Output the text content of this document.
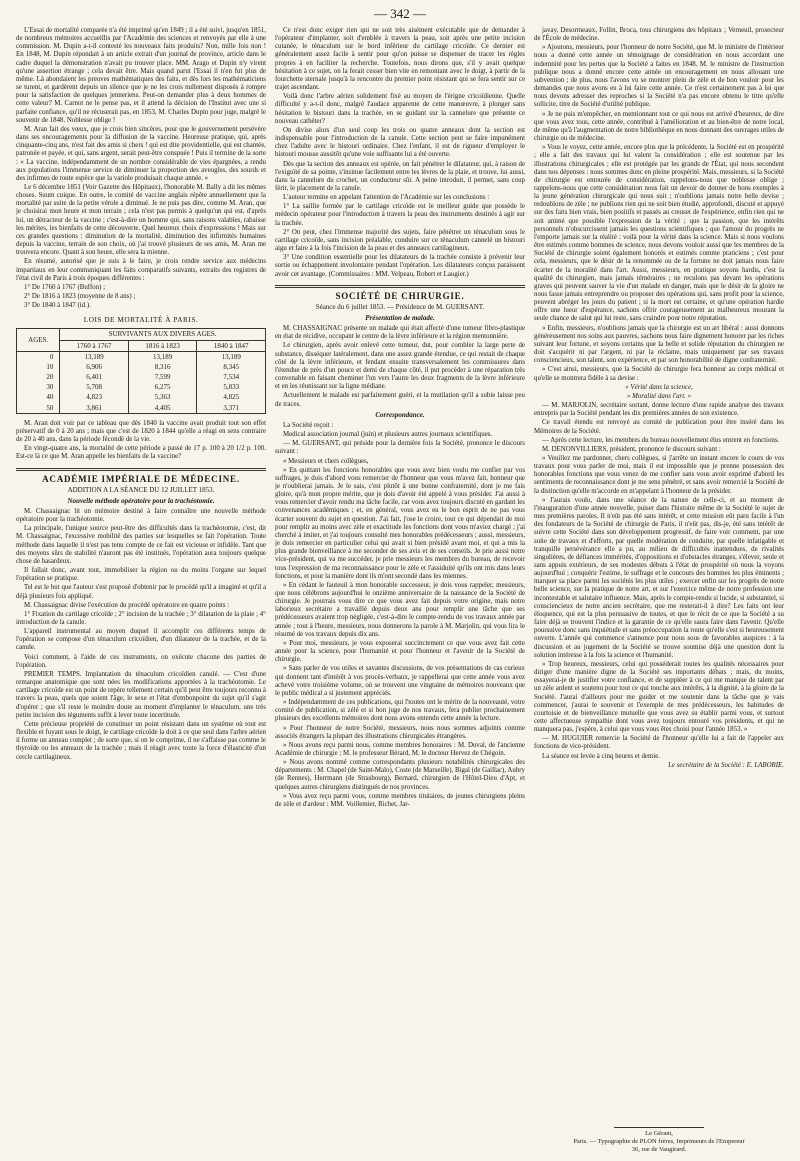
— 342 —

L'Essai de mortalité comparée n'a été imprimé qu'en 1849 ; il a été suivi, jusqu'en 1851, de nombreux mémoires accueillis par l'Académie des sciences et renvoyés par elle à une commission. M. Dupin a-t-il contesté les nouveaux faits produits? Non, mille fois non ! En 1848, M. Dupin répondait à un article extrait d'un journal de province, article dans le cadre duquel la démonstration n'avait pu trouver place. MM. Arago et Dupin n'y virent qu'une assertion étrange ; cela devait être. Mais quand parut l'Essai il n'en fut plus de même. Là abondaient les preuves mathématiques des faits, et dès lors les mathématiciens se turent, et gardèrent depuis un silence que je ne les crois nullement disposés à rompre pour la satisfaction de quelques jenneriens. Peut-on demander plus à deux hommes de cette valeur? M. Carnot ne le pense pas, et il attend la décision de l'Institut avec une si parfaite confiance, qu'il ne récuserait pas, en 1853, M. Charles Dupin pour juge, malgré le souvenir de 1848. Noblesse oblige !

M. Aran fait des vœux, que je crois bien sincères, pour que le gouvernement persévère dans ses encouragements pour la diffusion de la vaccine. Heureuse pratique, qui, après cinquante-cinq ans, n'est fait des amis si chers ! qui est dite providentielle, qui est chantée, patronée et payée, et qui, sans argent, serait peut-être conspuée ! Puis il termine de la sorte : « La vaccine, indépendamment de un nombre considérable de vies épargnées, a rendu aux populations l'immense service de diminuer la proportion des aveugles, des sourds et des infirmes de toute espèce que la variole produisait chaque année. »

Le 6 décembre 1851 (Voir Gazette des Hôpitaux), l'honorable M. Bally a dit les mêmes choses. Suum cuique. En outre, le comité de vaccine anglais répète annuellement que la mortalité par suite de la petite vérole a diminué. Je ne puis pas dire, comme M. Aran, que je choisirai mon heure et mon terrain ; cela n'est pas permis à quelqu'un qui est, d'après lui, un détracteur de la vaccine ; c'est-à-dire un homme qui, sans raisons valables, rabaisse les mérites, les bienfaits de cette découverte. Quel heureux choix d'expressions ! Mais sur ces grandes questions : diminution de la mortalité, diminution des infirmités humaines depuis la vaccine, terrain de son choix, où j'ai trouvé plusieurs de ses amis, M. Aran me trouvera encore. Quant à son heure, elle sera la mienne.

En résumé, autorisé que je suis à le faire, je crois rendre service aux médecins impartiaux en leur communiquant les faits comparatifs suivants, extraits des registres de l'état civil de Paris à trois époques différentes :

1° De 1760 à 1767 (Buffon) ;

2° De 1816 à 1823 (moyenne de 8 ans) ;

3° De 1840 à 1847 (id.).

LOIS DE MORTALITÉ À PARIS.
AGES.	SURVIVANTS AUX DIVERS AGES.		
	1760 à 1767	1816 à 1823	1840 à 1847
0	13,189	13,189	13,189
10	6,906	8,316	8,345
20	6,401	7,599	7,534
30	5,708	6,275	5,833
40	4,823	5,363	4,825
50	3,861	4,405	3,371

M. Aran doit voir par ce tableau que dès 1840 la vaccine avait produit tout son effet préservatif de 0 à 20 ans ; mais que c'est de 1820 à 1844 qu'elle a réagi en sens contraire de 20 à 40 ans, dans la période fécondé de la vie.

En vingt-quatre ans, la mortalité de cette période a passé de 17 p. 100 à 20 1/2 p. 100. Est-ce là ce que M. Aran appelle les bienfaits de la vaccine?

ACADÉMIE IMPÉRIALE DE MÉDECINE.
ADDITION A LA SÉANCE DU 12 JUILLET 1853.
Nouvelle méthode opératoire pour la trachéotomie.

M. Chassaignac lit un mémoire destiné à faire connaître une nouvelle méthode opératoire pour la trachéotomie.

La principale, l'unique source peut-être des difficultés dans la trachéotomie, c'est, dit M. Chassaignac, l'excessive mobilité des parties sur lesquelles se fait l'opération. Toute méthode dans laquelle il n'est pas tenu compte de ce fait est vicieuse et infidèle. Tant que des moyens sûrs de stabilité n'auront pas été institués, l'opération aura toujours quelque chose de hasardeux.

Il fallait donc, avant tout, immobiliser la région ou du moins l'organe sur lequel l'opération se pratique.

Tel est le but que l'auteur s'est proposé d'obtenir par le procédé qu'il a imaginé et qu'il a déjà plusieurs fois appliqué.

M. Chassaignac divise l'exécution du procédé opératoire en quatre points :

1° Fixation du cartilage cricoïde ; 2° incision de la trachée ; 3° dilatation de la plaie ; 4° introduction de la canule.

L'appareil instrumental au moyen duquel il accomplit ces différents temps de l'opération se compose d'un ténaculum cricoïdien, d'un dilatateur de la trachée, et de la canule.

Voici comment, à l'aide de ces instruments, on exécute chacune des parties de l'opération.

PREMIER TEMPS. Implantation du ténaculum cricoïdien canulé. — C'est d'une remarque anatomique que sont nées les modifications apportées à la trachéotomie. Le cartilage cricoïde est un point de repère tellement certain qu'il peut être toujours reconnu à travers la peau, quels que soient l'âge, le sexe et l'état d'embonpoint du sujet qu'il s'agit d'opérer ; que s'il reste le moindre doute au moment d'implanter le ténaculum, une très petite incision des téguments suffit à lever toute incertitude.

Cette précieuse propriété de constituer un point résistant dans un système où tout est flexible et fuyant sous le doigt, le cartilage cricoïde la doit à ce que seul dans l'arbre aérien il forme un anneau complet ; de sorte que, si on le comprime, il ne s'affaisse pas comme le thyroïde ou les anneaux de la trachée ; mais il réagit avec toute la force d'élasticité d'un cercle cartilagineux.

Ce n'est donc exiger rien qui ne soit très aisément exécutable que de demander à l'opérateur d'implanter, soit d'emblée à travers la peau, soit après une petite incision cutanée, le ténaculum sur le bord inférieur du cartilage cricoïde. Ce dernier est généralement assez facile à sentir pour qu'on puisse se dispenser de tracer les règles propres à en faciliter la recherche. Toutefois, nous dirons que, s'il y avait quelque hésitation à ce sujet, on la ferait cesser bien vite en remontant avec le doigt, à partir de la fourchette sternale jusqu'à la rencontre du premier point résistant qui se fera sentir sur ce trajet ascendant.

Voilà donc l'arbre aérien solidement fixé au moyen de l'érigne cricoïdienne. Quelle difficulté y a-t-il donc, malgré l'audace apparente de cette manœuvre, à plonger sans hésitation le bistouri dans la trachée, en se guidant sur la cannelure que présente ce nouveau cathéter?

On divise alors d'un seul coup les trois ou quatre anneaux dont la section est indispensable pour l'introduction de la canule. Cette section peut se faire impunément chez l'adulte avec le bistouri ordinaire. Chez l'enfant, il est de rigueur d'employer le bistouri mousse aussitôt qu'une voie suffisante lui a été ouverte.

Dès que la section des anneaux est opérée, on fait pénétrer le dilatateur, qui, à raison de l'exiguïté de sa pointe, s'insinue facilement entre les lèvres de la plaie, et trouve, lui aussi, dans la cannelure du crochet, un conducteur sûr. A peine introduit, il permet, sans coup férir, le placement de la canule.

L'auteur termine en appelant l'attention de l'Académie sur les conclusions :

1° La saillie formée par le cartilage cricoïde est le meilleur guide que possède le médecin opérateur pour l'introduction à travers la peau des instruments destinés à agir sur la trachée.

2° On peut, chez l'immense majorité des sujets, faire pénétrer un ténaculum sous le cartilage cricoïde, sans incision préalable, conduire sur ce ténaculum cannelé un bistouri aigu et faire à la fois l'incision de la peau et des anneaux cartilagineux.

3° Une condition essentielle pour les dilatateurs de la trachée consiste à prévenir leur sortie ou échappement involontaire pendant l'opération. Les dilatateurs conçus paraissent avoir cet avantage. (Commissaires : MM. Velpeau, Robert et Laugier.)

SOCIÉTÉ DE CHIRURGIE.
Séance du 6 juillet 1853. — Présidence de M. GUERSANT.
Présentation de malade.

M. CHASSAIGNAC présente un malade qui était affecté d'une tumeur fibro-plastique en état de récidive, occupant le centre de la lèvre inférieure et la région mentonnière.

Le chirurgien, après avoir enlevé cette tumeur, dut, pour combler la large perte de substance, disséquer latéralement, dans une assez grande étendue, ce qui restait de chaque côté de la lèvre inférieure, et fendant ensuite transversalement les commissures dans l'étendue de près d'un pouce et demi de chaque côté, il put procéder à une réparation très convenable en faisant cheminer l'un vers l'autre les deux fragments de la lèvre inférieure et en les réunissant sur la ligne médiane.

Actuellement le malade est parfaitement guéri, et la mutilation qu'il a subie laisse peu de traces.

Correspondance.

La Société reçoit :

Medical association journal (juin) et plusieurs autres journaux scientifiques.

— M. GUERSANT, qui préside pour la dernière fois la Société, prononce le discours suivant :

« Messieurs et chers collègues,

» En quittant les fonctions honorables que vous avez bien voulu me confier par vos suffrages, je dois d'abord vous remercier de l'honneur que vous m'avez fait, honneur que je n'oublierai jamais. Je le sais, c'est plutôt à une bonne confraternité, dont je me fais gloire, qu'à mon propre mérite, que je dois d'avoir été appelé à vous présider. J'ai aussi à vous remercier d'avoir rendu ma tâche facile, car vous avez toujours discuté en gardant les convenances académiques ; et, en général, vous avez eu le bon esprit de ne pas vous écarter souvent du sujet en question. J'ai fait, j'ose le croire, tout ce qui dépendait de moi pour remplir au moins avec zèle et exactitude les fonctions dont vous m'aviez chargé ; j'ai cherché à imiter, et j'ai toujours consulté mes honorables prédécesseurs ; aussi, messieurs, je dois remercier en particulier celui qui avait si bien présidé avant moi, et qui a mis la plus grande bienveillance à me seconder de ses avis et de ses conseils. Je prie aussi notre vice-président, qui va me succéder, je prie messieurs les membres du bureau, de recevoir tous l'expression de ma reconnaissance pour le zèle et l'assiduité qu'ils ont mis dans leurs fonctions, et pour la manière dont ils m'ont secondé dans les miennes.

» En cédant le fauteuil à mon honorable successeur, je dois vous rappeler, messieurs, que nous célébrons aujourd'hui le onzième anniversaire de la naissance de la Société de chirurgie. Je pourrais vous dire ce que vous avez fait depuis votre origine, mais notre laborieux secrétaire a travaillé depuis deux ans pour remplir une tâche que ses prédécesseurs avaient trop négligée, c'est-à-dire le compte-rendu de vos travaux année par année ; tout à l'heure, messieurs, nous donnerons la parole à M. Marjolin, qui vous lira le résumé de vos travaux depuis dix ans.

» Pour moi, messieurs, je vous exposerai succinctement ce que vous avez fait cette année pour la science, pour l'humanité et pour l'honneur et l'avenir de la Société de chirurgie.

» Sans parler de vos utiles et savantes discussions, de vos présentations de cas curieux qui donnent tant d'intérêt à vos procès-verbaux, je rappellerai que cette année vous avez achevé votre troisième volume, où se trouvent une vingtaine de mémoires nouveaux que le public médical a si justement appréciés.

» Indépendamment de ces publications, qui l'toutes ont le mérite de la nouveauté, votre comité de publication, si zélé et si bon juge de nos travaux, fera publier prochainement plusieurs des excellents mémoires dont nous avons entendu cette année la lecture.

» Pour l'honneur de notre Société, messieurs, nous nous sommes adjoints comme associés étrangers la plupart des illustrations chirurgicales étrangères.

» Nous avons reçu parmi nous, comme membres honoraires : M. Duval, de l'ancienne Académie de chirurgie ; M. le professeur Bérard, M. le docteur Hervez de Chégoin.

» Nous avons nommé comme correspondants plusieurs notabilités chirurgicales des départements : M. Chapel (de Saint-Malo), Coste (de Marseille), Bigal (de Gaillac), Aubry (de Rennes), Herrmann (de Strasbourg), Bernard, chirurgien de l'Hôtel-Dieu d'Apt, et quelques autres chirurgiens distingués de nos provinces.

» Vous avez reçu parmi vous, comme membres titulaires, de jeunes chirurgiens pleins de zèle et d'ardeur : MM. Voillemier, Richet, Jar-

javay, Desormeaux, Follin, Broca, tous chirurgiens des hôpitaux ; Verneuil, prosecteur de l'École de médecine.

» Ajoutons, messieurs, pour l'honneur de notre Société, que M. le ministre de l'intérieur nous a donné cette année un témoignage de considération en nous accordant une indemnité pour les pertes que la Société a faites en 1848. M. le ministre de l'instruction publique nous a donné encore cette année un encouragement en nous allouant une subvention ; de plus, nous l'avons vu se montrer plein de zèle et de bon vouloir pour les demandes que nous avons eu à lui faire cette année. Ce n'est certainement pas à lui que nous devons adresser des reproches si la Société n'a pas encore obtenu le titre qu'elle sollicite, titre de Société d'utilité publique.

» Je ne puis m'empêcher, en mentionnant tout ce qui nous est arrivé d'heureux, de dire que vous avez tous, cette année, contribué à l'amélioration et au bien-être de notre local, de même qu'à l'augmentation de notre bibliothèque en nous donnant des ouvrages utiles de chirurgie ou de médecine.

» Vous le voyez, cette année, encore plus que la précédente, la Société est en prospérité ; elle a fait des travaux qui lui valent la considération ; elle est soutenue par les illustrations chirurgicales ; elle est protégée par les grands de l'État, qui nous secondent dans nos dépenses : nous sommes donc en pleine prospérité. Mais, messieurs, si la Société de chirurgie est entourée de considération, rappelons-nous que noblesse oblige ; rappelons-nous que cette considération nous fait un devoir de donner de bons exemples à la jeune génération chirurgicale qui nous suit ; n'oublions jamais notre belle devise ; redoublons de zèle ; ne publions rien qui ne soit bien étudié, approfondi, discuté et appuyé sur des faits bien vrais, bien positifs et passés au creuset de l'expérience, enfin rien qui ne soit animé que possible l'expression de la vérité ; que la passion, que les intérêts personnels n'obscurcissent jamais les questions scientifiques ; que l'amour du progrès ne l'emporte jamais sur la réalité : voilà pour la vérité dans la science. Mais si nous voulons être estimés comme hommes de science, nous devons vouloir aussi que les membres de la Société de chirurgie soient également honorés et estimés comme praticiens ; c'est pour cela, messieurs, que le désir de la renommée ou de la fortune ne doit jamais nous faire écarter de la moralité dans l'art. Aussi, messieurs, en pratique soyons hardis, c'est la qualité du chirurgien, mais jamais téméraires ; ne reculons pas devant les opérations graves qui peuvent sauver la vie d'un malade en danger, mais que le désir de la gloire ne nous fasse jamais entreprendre ou proposer des opérations qui, sans profit pour la science, peuvent abréger les jours du patient ; si la mort est certaine, et qu'une opération hardie offre une lueur d'espérance, sachons offrir courageusement au malheureux mourant la seule chance de salut qui lui reste, sans craindre pour notre réputation.

» Enfin, messieurs, n'oublions jamais que la chirurgie est un art libéral : aussi donnons généreusement nos soins aux pauvres, sachons nous faire dignement honorer par les riches suivant leur fortune, et soyons certains que la belle et solide réputation du chirurgien ne doit s'acquérir ni par l'argent, ni par la réclame, mais uniquement par ses travaux consciencieux, son talent, son expérience, et par son honorabilité de digne confraternité.

» C'est ainsi, messieurs, que la Société de chirurgie fera honneur au corps médical et qu'elle se montrera fidèle à sa devise :

« Vérité dans la science,

» Moralité dans l'art. »

— M. MARJOLIN, secrétaire sortant, donne lecture d'une rapide analyse des travaux entrepris par la Société pendant les dix premières années de son existence.

Ce travail étendu est renvoyé au comité de publication pour être inséré dans les Mémoires de la Société.

— Après cette lecture, les membres du bureau nouvellement élus entrent en fonctions.

M. DENONVILLIERS, président, prononce le discours suivant :

« Veuillez me pardonner, chers collègues, si j'arrête un instant encore le cours de vos travaux pour vous parler de moi, mais il est impossible que je prenne possession des honorables fonctions que vous venez de me confier sans vous avoir exprimé d'abord les sentiments de reconnaissance dont je me sens pénétré, et sans avoir remercié la Société de la distinction qu'elle m'accorde en m'appelant à l'honneur de la présider.

» J'aurais voulu, dans une séance de la nature de celle-ci, et au moment de l'inauguration d'une année nouvelle, puiser dans l'histoire même de la Société le sujet de mes premières paroles. Il n'eût pas été sans intérêt, et cette mission eût paru facile à l'un des fondateurs de la Société de chirurgie de Paris, il n'eût pas, dis-je, été sans intérêt de suivre cette Société dans son développement progressif, de faire voir comment, par une suite de travaux et d'efforts, par quelle modération de conduite, par quelle infatigable et tranquille persévérance elle a pu, au milieu de difficultés inattendues, de rivalités singulières, de défiances immérités, d'oppositions et d'obstacles étranges, s'élever, seule et sans appuis extérieurs, de ses modestes débuts à l'état de prospérité où nous la voyons aujourd'hui ; conquérir l'estime, le suffrage et le concours des hommes les plus éminents ; marquer sa place parmi les sociétés les plus utiles ; exercer enfin sur les progrès de notre belle science, sur la pratique de notre art, et sur l'exercice même de notre profession une incontestable et salutaire influence. Mais, après le compte-rendu si lucide, si substantiel, si consciencieux de notre ancien secrétaire, que me resterait-il à dire? Les faits ont leur éloquence, qui est la plus persuasive de toutes, et que le récit de ce que la Société a su faire déjà se trouvent l'indice et la garantie de ce qu'elle saura faire dans l'avenir. Qu'elle poursuive donc sans inquiétude et sans préoccupation la route qu'elle s'est si heureusement ouverte. L'année qui commence s'annonce pour nous sous de favorables auspices : à la discussion et au jugement de la Société se trouve soumise déjà une question dont la solution intéresse à la fois la science et l'humanité.

» Trop heureux, messieurs, celui qui posséderait toutes les qualités nécessaires pour diriger d'une manière digne de la Société ses importants débats ; mais, du moins, essayerai-je de justifier votre confiance, et de suppléer à ce qui me manque de talent par un zèle ardent et soutenu pour tout ce qui touche aux intérêts, à la dignité, à la gloire de la Société. J'aurai d'ailleurs pour me guider et me soutenir dans la tâche que je vais commencer, j'aurai le souvenir et l'exemple de mes prédécesseurs, les habitudes de courtoisie et de bienveillance mutuelle que vous avez su établir parmi vous, et surtout cette affectueuse sympathie dont vous avez toujours entouré vos présidents, et qui ne manquera pas, j'espère, à celui que vous vous êtes choisi pour l'année 1853. »

— M. HUGUIER remercie la Société de l'honneur qu'elle lui a fait de l'appeler aux fonctions de vice-président.

La séance est levée à cinq heures et demie.

Le secrétaire de la Société : E. LABORIE.

Le Gérant,
Paris. — Typographie de PLON frères, Imprimeurs de l'Empereur
36, rue de Vaugirard.
